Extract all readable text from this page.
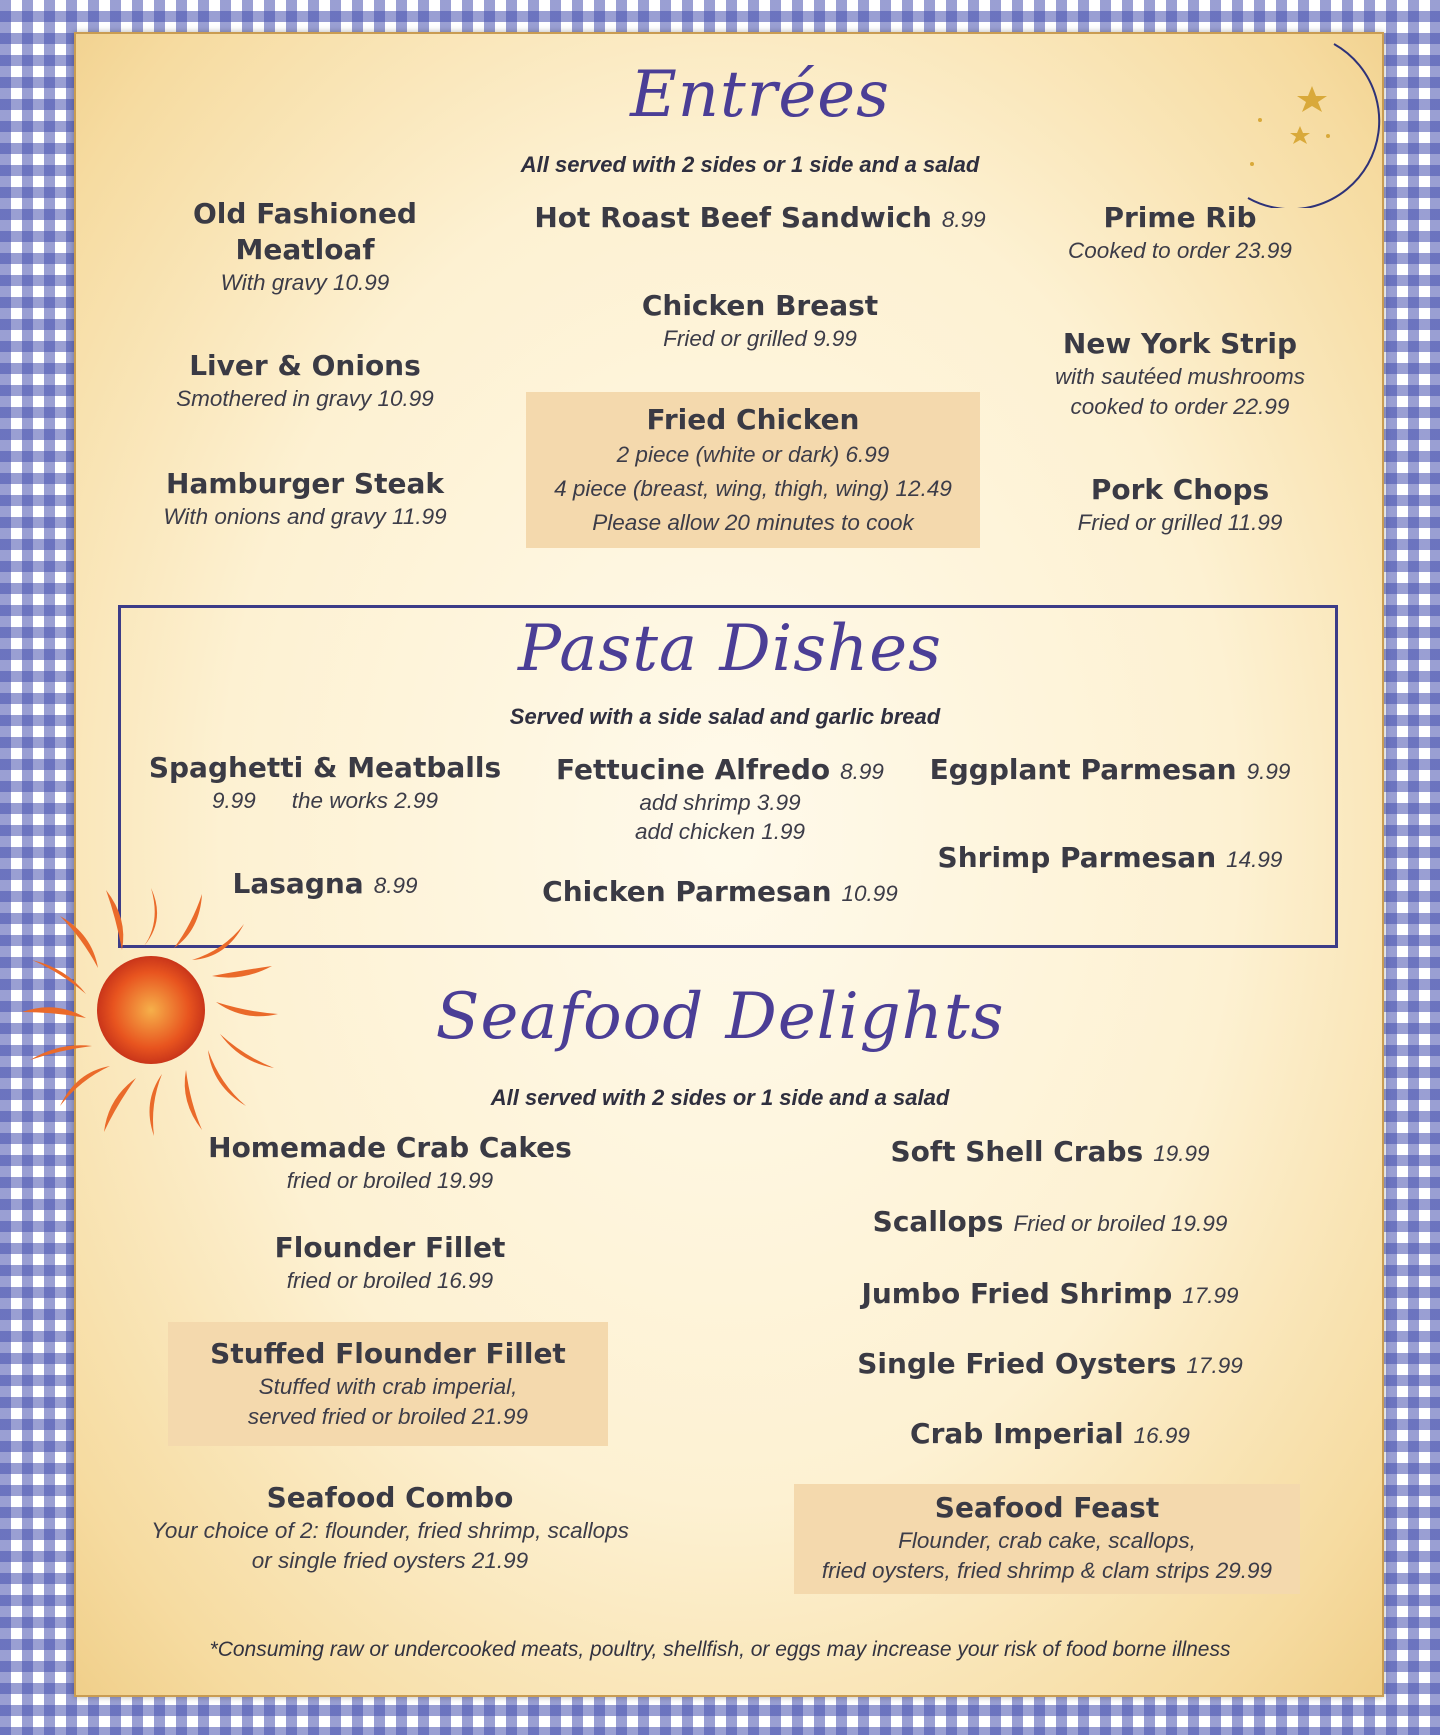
Entrées
All served with 2 sides or 1 side and a salad
Old Fashioned Meatloaf
With gravy 10.99
Liver & Onions
Smothered in gravy 10.99
Hamburger Steak
With onions and gravy 11.99
Hot Roast Beef Sandwich 8.99
Chicken Breast
Fried or grilled 9.99
Fried Chicken
2 piece (white or dark) 6.99
4 piece (breast, wing, thigh, wing) 12.49
Please allow 20 minutes to cook
Prime Rib
Cooked to order 23.99
New York Strip
with sautéed mushrooms
cooked to order 22.99
Pork Chops
Fried or grilled 11.99
Pasta Dishes
Served with a side salad and garlic bread
Spaghetti & Meatballs
9.99 the works 2.99
Fettucine Alfredo 8.99
add shrimp 3.99
add chicken 1.99
Eggplant Parmesan 9.99
Lasagna 8.99	Chicken Parmesan 10.99
Shrimp Parmesan 14.99
Seafood Delights
All served with 2 sides or 1 side and a salad
Homemade Crab Cakes
fried or broiled 19.99
Flounder Fillet
fried or broiled 16.99
Stuffed Flounder Fillet
Stuffed with crab imperial,
served fried or broiled 21.99
Seafood Combo
Your choice of 2: flounder, fried shrimp, scallops
or single fried oysters 21.99
Soft Shell Crabs 19.99
Scallops Fried or broiled 19.99
Jumbo Fried Shrimp 17.99
Single Fried Oysters 17.99
Crab Imperial 16.99
Seafood Feast
Flounder, crab cake, scallops,
fried oysters, fried shrimp & clam strips 29.99
*Consuming raw or undercooked meats, poultry, shellfish, or eggs may increase your risk of food borne illness
